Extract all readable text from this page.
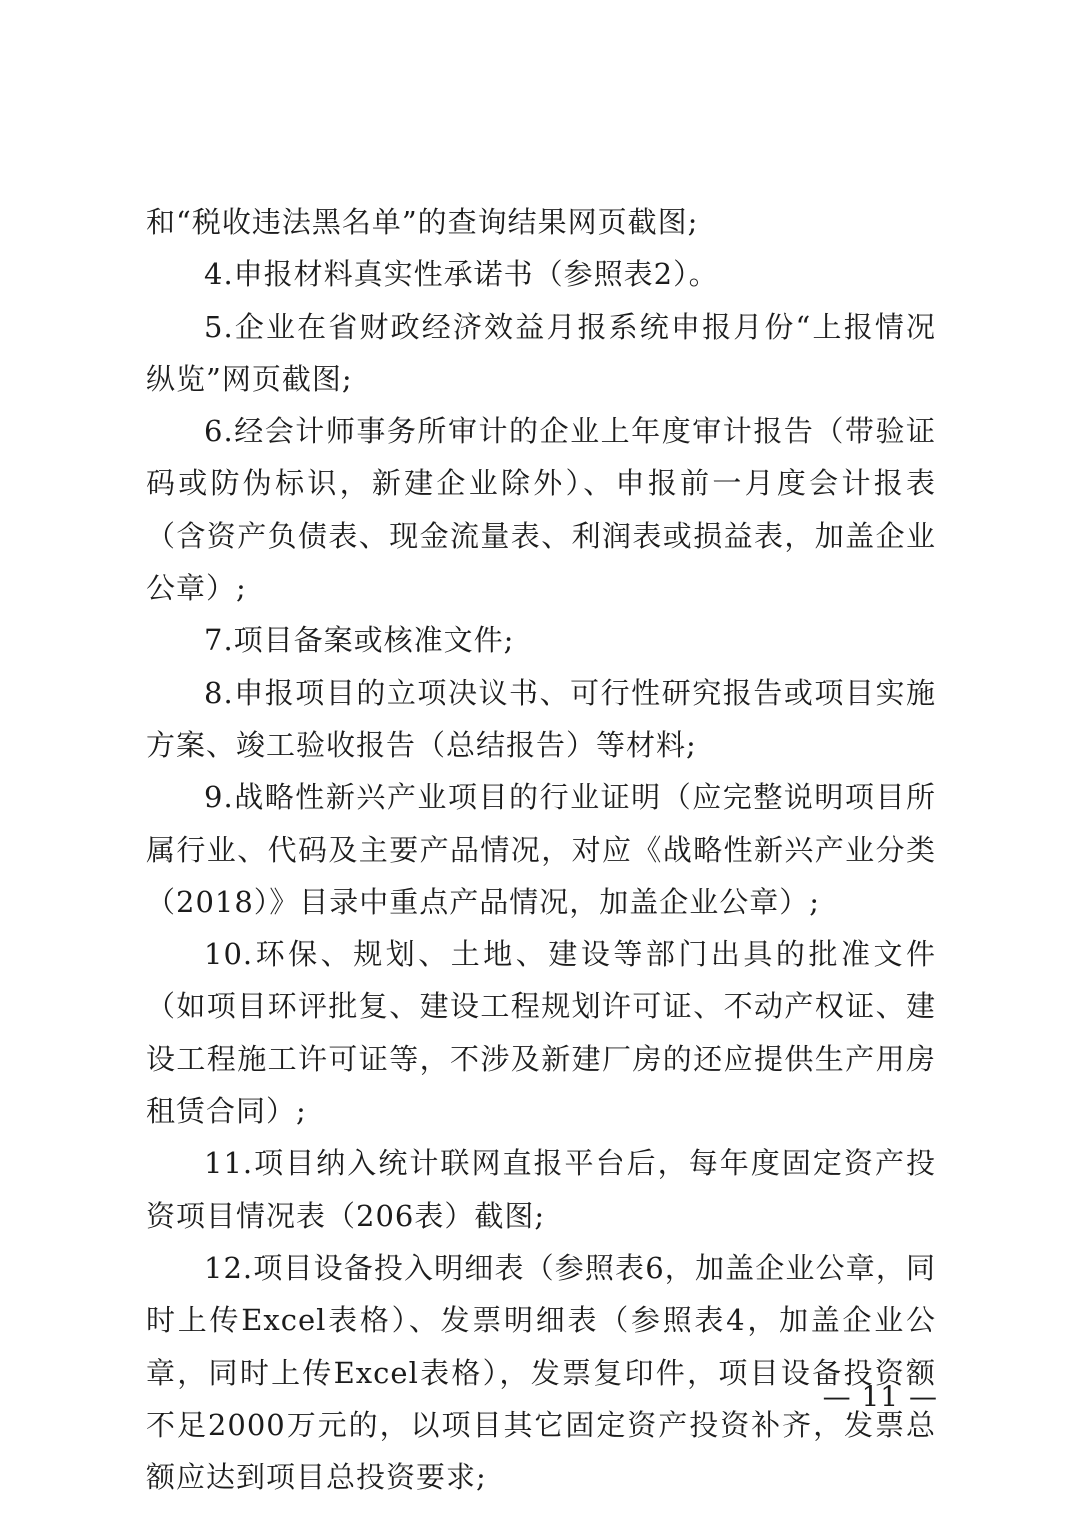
和“税收违法黑名单”的查询结果网页截图;

4.申报材料真实性承诺书（参照表2）。

5.企业在省财政经济效益月报系统申报月份“上报情况纵览”网页截图;

6.经会计师事务所审计的企业上年度审计报告（带验证码或防伪标识，新建企业除外）、申报前一月度会计报表（含资产负债表、现金流量表、利润表或损益表，加盖企业公章）;

7.项目备案或核准文件;

8.申报项目的立项决议书、可行性研究报告或项目实施方案、竣工验收报告（总结报告）等材料;

9.战略性新兴产业项目的行业证明（应完整说明项目所属行业、代码及主要产品情况，对应《战略性新兴产业分类（2018）》目录中重点产品情况，加盖企业公章）;

10.环保、规划、土地、建设等部门出具的批准文件（如项目环评批复、建设工程规划许可证、不动产权证、建设工程施工许可证等，不涉及新建厂房的还应提供生产用房租赁合同）;

11.项目纳入统计联网直报平台后，每年度固定资产投资项目情况表（206表）截图;

12.项目设备投入明细表（参照表6，加盖企业公章，同时上传Excel表格）、发票明细表（参照表4，加盖企业公章，同时上传Excel表格），发票复印件，项目设备投资额不足2000万元的，以项目其它固定资产投资补齐，发票总额应达到项目总投资要求;

— 11 —
